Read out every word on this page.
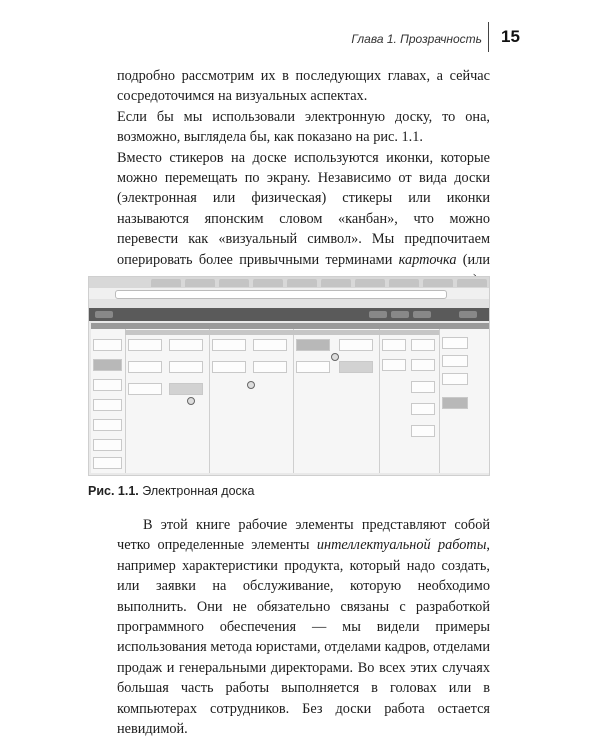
Глава 1. Прозрачность 15

подробно рассмотрим их в последующих главах, а сейчас сосредоточимся на визуальных аспектах.

Если бы мы использовали электронную доску, то она, возможно, выглядела бы, как показано на рис. 1.1.

Вместо стикеров на доске используются иконки, которые можно перемещать по экрану. Независимо от вида доски (электронная или физическая) стикеры или иконки называются японским словом «канбан», что можно перевести как «визуальный символ». Мы предпочитаем оперировать более привычными терминами карточка (или

Рис. 1.1. Электронная доска

В этой книге рабочие элементы представляют собой четко определенные элементы интеллектуальной работы, например характеристики продукта, который надо создать, или заявки на обслуживание, которую необходимо выполнить. Они не обязательно связаны с разработкой программного обеспечения — мы видели примеры использования метода юристами, отделами кадров, отделами продаж и генеральными директорами. Во всех этих случаях большая часть работы выполняется в головах или в компьютерах сотрудников. Без доски работа остается невидимой.
